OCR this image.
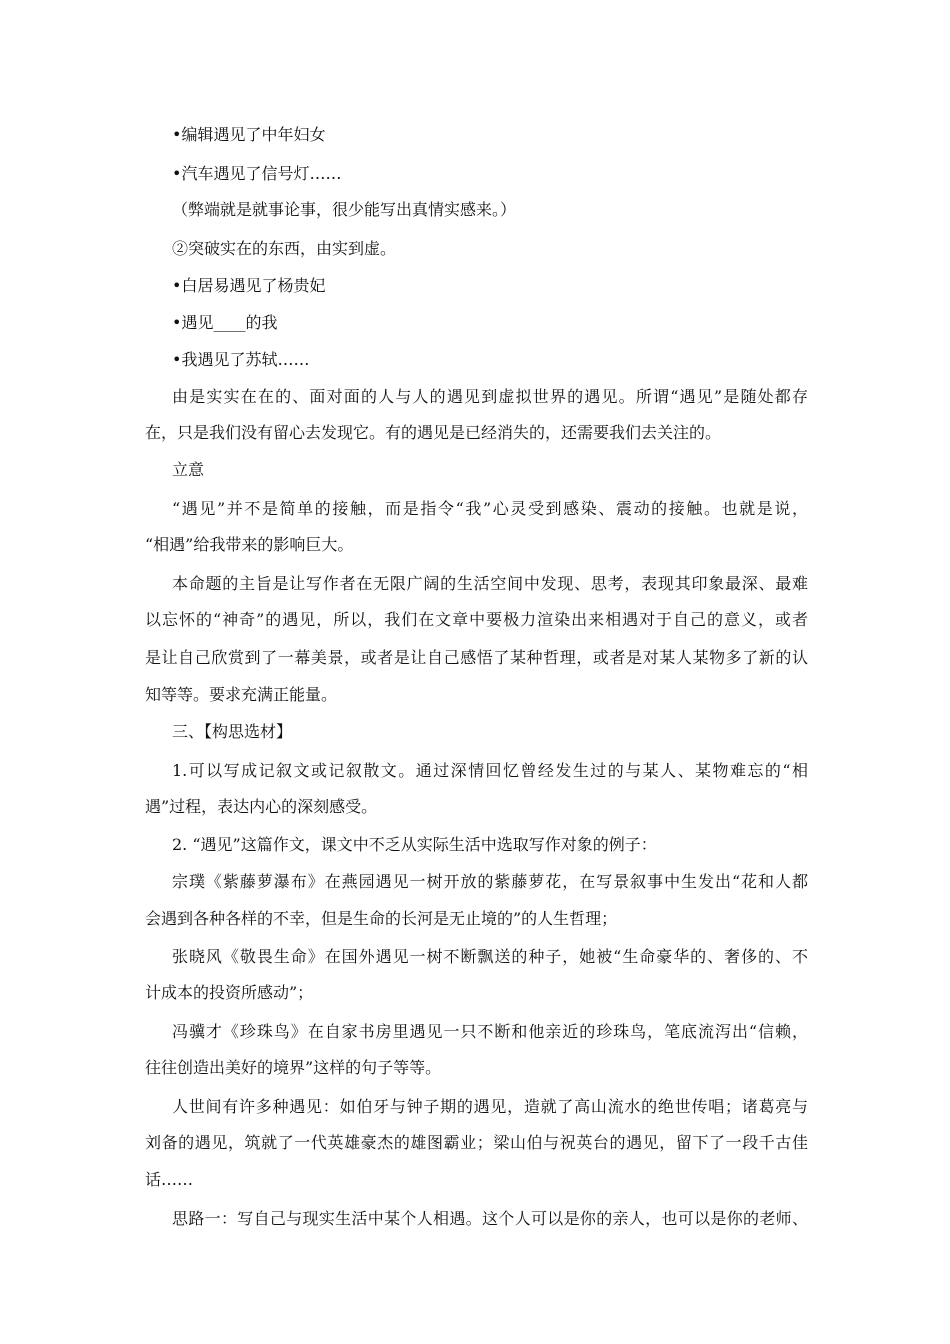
•编辑遇见了中年妇女
•汽车遇见了信号灯……
（弊端就是就事论事，很少能写出真情实感来。）
②突破实在的东西，由实到虚。
•白居易遇见了杨贵妃
•遇见____的我
•我遇见了苏轼……
由是实实在在的、面对面的人与人的遇见到虚拟世界的遇见。所谓“遇见”是随处都存
在，只是我们没有留心去发现它。有的遇见是已经消失的，还需要我们去关注的。
立意
“遇见”并不是简单的接触，而是指令“我”心灵受到感染、震动的接触。也就是说，
“相遇”给我带来的影响巨大。
本命题的主旨是让写作者在无限广阔的生活空间中发现、思考，表现其印象最深、最难
以忘怀的“神奇”的遇见，所以，我们在文章中要极力渲染出来相遇对于自己的意义，或者
是让自己欣赏到了一幕美景，或者是让自己感悟了某种哲理，或者是对某人某物多了新的认
知等等。要求充满正能量。
三、【构思选材】
1.可以写成记叙文或记叙散文。通过深情回忆曾经发生过的与某人、某物难忘的“相
遇”过程，表达内心的深刻感受。
2. “遇见”这篇作文，课文中不乏从实际生活中选取写作对象的例子：
宗璞《紫藤萝瀑布》在燕园遇见一树开放的紫藤萝花，在写景叙事中生发出“花和人都
会遇到各种各样的不幸，但是生命的长河是无止境的”的人生哲理；
张晓风《敬畏生命》在国外遇见一树不断飘送的种子，她被“生命豪华的、奢侈的、不
计成本的投资所感动”；
冯骥才《珍珠鸟》在自家书房里遇见一只不断和他亲近的珍珠鸟，笔底流泻出“信赖，
往往创造出美好的境界”这样的句子等等。
人世间有许多种遇见：如伯牙与钟子期的遇见，造就了高山流水的绝世传唱；诸葛亮与
刘备的遇见，筑就了一代英雄豪杰的雄图霸业；梁山伯与祝英台的遇见，留下了一段千古佳
话……
思路一：写自己与现实生活中某个人相遇。这个人可以是你的亲人，也可以是你的老师、
